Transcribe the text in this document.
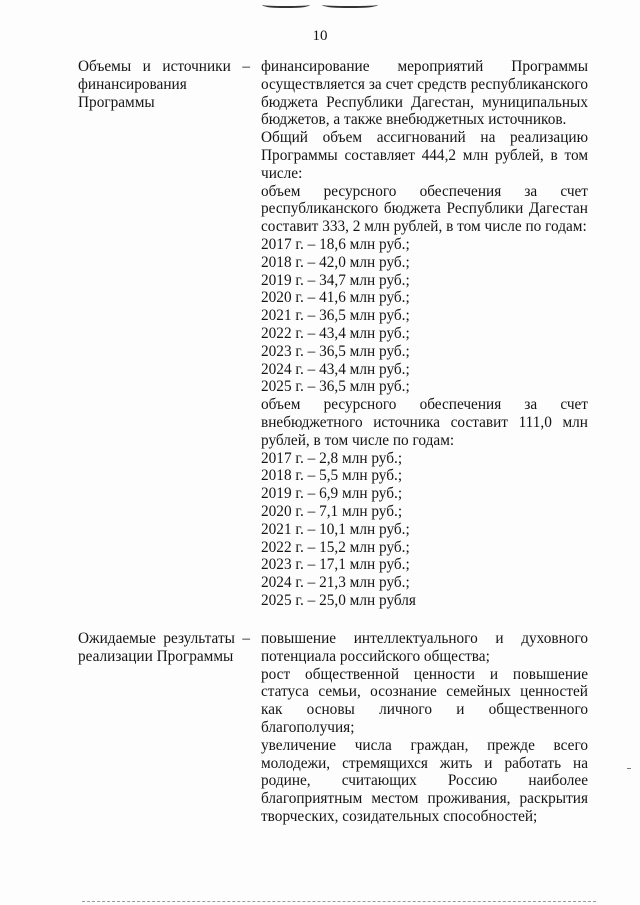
10
Объемы и источники – финансирования Программы

финансирование мероприятий Программы осуществляется за счет средств республиканского бюджета Республики Дагестан, муниципальных бюджетов, а также внебюджетных источников.

Общий объем ассигнований на реализацию Программы составляет 444,2 млн рублей, в том числе:

объем ресурсного обеспечения за счет республиканского бюджета Республики Дагестан составит 333, 2 млн рублей, в том числе по годам:

2017 г. – 18,6 млн руб.;
2018 г. – 42,0 млн руб.;
2019 г. – 34,7 млн руб.;
2020 г. – 41,6 млн руб.;
2021 г. – 36,5 млн руб.;
2022 г. – 43,4 млн руб.;
2023 г. – 36,5 млн руб.;
2024 г. – 43,4 млн руб.;
2025 г. – 36,5 млн руб.;

объем ресурсного обеспечения за счет внебюджетного источника составит 111,0 млн рублей, в том числе по годам:

2017 г. – 2,8 млн руб.;
2018 г. – 5,5 млн руб.;
2019 г. – 6,9 млн руб.;
2020 г. – 7,1 млн руб.;
2021 г. – 10,1 млн руб.;
2022 г. – 15,2 млн руб.;
2023 г. – 17,1 млн руб.;
2024 г. – 21,3 млн руб.;
2025 г. – 25,0 млн рубля
Ожидаемые результаты – реализации Программы

повышение интеллектуального и духовного потенциала российского общества;

рост общественной ценности и повышение статуса семьи, осознание семейных ценностей как основы личного и общественного благополучия;

увеличение числа граждан, прежде всего молодежи, стремящихся жить и работать на родине, считающих Россию наиболее благоприятным местом проживания, раскрытия творческих, созидательных способностей;
